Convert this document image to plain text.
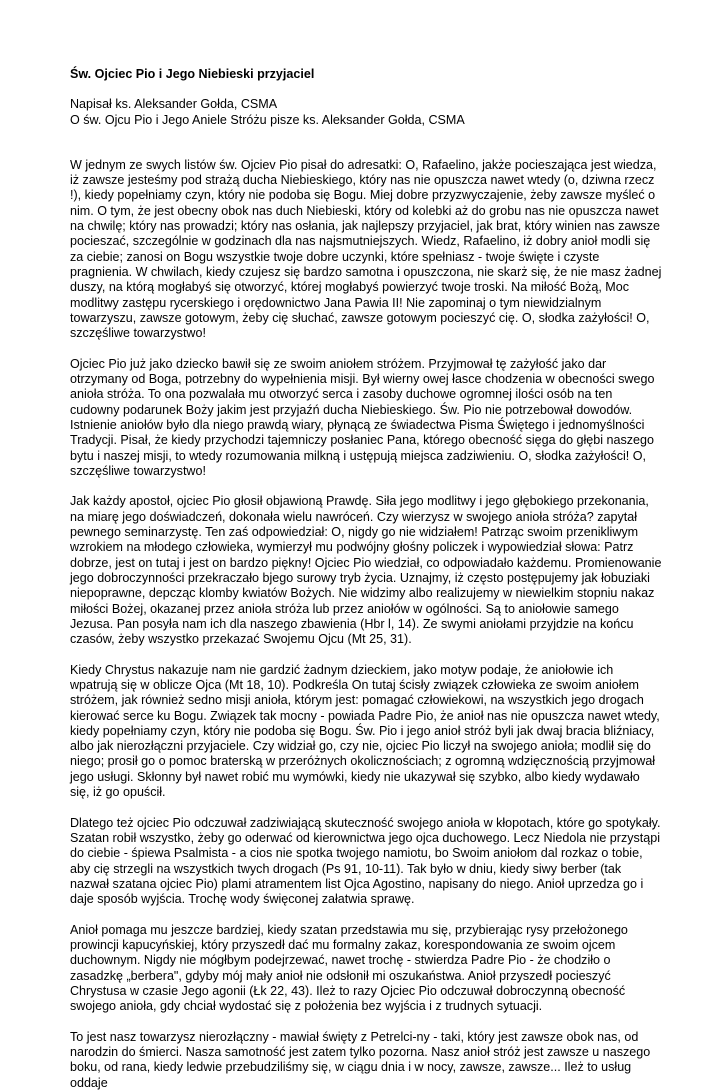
Św. Ojciec Pio i Jego Niebieski przyjaciel

Napisał ks. Aleksander Gołda, CSMA

O św. Ojcu Pio i Jego Aniele Stróżu pisze ks. Aleksander Gołda, CSMA

W jednym ze swych listów św. Ojciev Pio pisał do adresatki: O, Rafaelino, jakże pocieszająca jest wiedza, iż zawsze jesteśmy pod strażą ducha Niebieskiego, który nas nie opuszcza nawet wtedy (o, dziwna rzecz !), kiedy popełniamy czyn, który nie podoba się Bogu. Miej dobre przyzwyczajenie, żeby zawsze myśleć o nim. O tym, że jest obecny obok nas duch Niebieski, który od kolebki aż do grobu nas nie opuszcza nawet na chwilę; który nas prowadzi; który nas osłania, jak najlepszy przyjaciel, jak brat, który winien nas zawsze pocieszać, szczególnie w godzinach dla nas najsmutniejszych. Wiedz, Rafaelino, iż dobry anioł modli się za ciebie; zanosi on Bogu wszystkie twoje dobre uczynki, które spełniasz - twoje święte i czyste pragnienia. W chwilach, kiedy czujesz się bardzo samotna i opuszczona, nie skarż się, że nie masz żadnej duszy, na którą mogłabyś się otworzyć, której mogłabyś powierzyć twoje troski. Na miłość Bożą, Moc modlitwy zastępu rycerskiego i orędownictwo Jana Pawia II! Nie zapominaj o tym niewidzialnym towarzyszu, zawsze gotowym, żeby cię słuchać, zawsze gotowym pocieszyć cię. O, słodka zażyłości! O, szczęśliwe towarzystwo!

Ojciec Pio już jako dziecko bawił się ze swoim aniołem stróżem. Przyjmował tę zażyłość jako dar otrzymany od Boga, potrzebny do wypełnienia misji. Był wierny owej łasce chodzenia w obecności swego anioła stróża. To ona pozwalała mu otworzyć serca i zasoby duchowe ogromnej ilości osób na ten cudowny podarunek Boży jakim jest przyjaźń ducha Niebieskiego. Św. Pio nie potrzebował dowodów. Istnienie aniołów było dla niego prawdą wiary, płynącą ze świadectwa Pisma Świętego i jednomyślności Tradycji. Pisał, że kiedy przychodzi tajemniczy posłaniec Pana, którego obecność sięga do głębi naszego bytu i naszej misji, to wtedy rozumowania milkną i ustępują miejsca zadziwieniu. O, słodka zażyłości! O, szczęśliwe towarzystwo!

Jak każdy apostoł, ojciec Pio głosił objawioną Prawdę. Siła jego modlitwy i jego głębokiego przekonania, na miarę jego doświadczeń, dokonała wielu nawróceń. Czy wierzysz w swojego anioła stróża? zapytał pewnego seminarzystę. Ten zaś odpowiedział: O, nigdy go nie widziałem! Patrząc swoim przenikliwym wzrokiem na młodego człowieka, wymierzył mu podwójny głośny policzek i wypowiedział słowa: Patrz dobrze, jest on tutaj i jest on bardzo piękny! Ojciec Pio wiedział, co odpowiadało każdemu. Promienowanie jego dobroczynności przekraczało bjego surowy tryb życia. Uznajmy, iż często postępujemy jak łobuziaki niepoprawne, depcząc klomby kwiatów Bożych. Nie widzimy albo realizujemy w niewielkim stopniu nakaz miłości Bożej, okazanej przez anioła stróża lub przez aniołów w ogólności. Są to aniołowie samego Jezusa. Pan posyła nam ich dla naszego zbawienia (Hbr l, 14). Ze swymi aniołami przyjdzie na końcu czasów, żeby wszystko przekazać Swojemu Ojcu (Mt 25, 31).

Kiedy Chrystus nakazuje nam nie gardzić żadnym dzieckiem, jako motyw podaje, że aniołowie ich wpatrują się w oblicze Ojca (Mt 18, 10). Podkreśla On tutaj ścisły związek człowieka ze swoim aniołem stróżem, jak również sedno misji anioła, którym jest: pomagać człowiekowi, na wszystkich jego drogach kierować serce ku Bogu. Związek tak mocny - powiada Padre Pio, że anioł nas nie opuszcza nawet wtedy, kiedy popełniamy czyn, który nie podoba się Bogu. Św. Pio i jego anioł stróż byli jak dwaj bracia bliźniacy, albo jak nierozłączni przyjaciele. Czy widział go, czy nie, ojciec Pio liczył na swojego anioła; modlił się do niego; prosił go o pomoc braterską w przeróżnych okolicznościach; z ogromną wdzięcznością przyjmował jego usługi. Skłonny był nawet robić mu wymówki, kiedy nie ukazywał się szybko, albo kiedy wydawało się, iż go opuścił.

Dlatego też ojciec Pio odczuwał zadziwiającą skuteczność swojego anioła w kłopotach, które go spotykały. Szatan robił wszystko, żeby go oderwać od kierownictwa jego ojca duchowego. Lecz Niedola nie przystąpi do ciebie - śpiewa Psalmista - a cios nie spotka twojego namiotu, bo Swoim aniołom dal rozkaz o tobie, aby cię strzegli na wszystkich twych drogach (Ps 91, 10-11). Tak było w dniu, kiedy siwy berber (tak nazwał szatana ojciec Pio) plami atramentem list Ojca Agostino, napisany do niego. Anioł uprzedza go i daje sposób wyjścia. Trochę wody święconej załatwia sprawę.

Anioł pomaga mu jeszcze bardziej, kiedy szatan przedstawia mu się, przybierając rysy przełożonego prowincji kapucyńskiej, który przyszedł dać mu formalny zakaz, korespondowania ze swoim ojcem duchownym. Nigdy nie mógłbym podejrzewać, nawet trochę - stwierdza Padre Pio - że chodziło o zasadzkę „berbera", gdyby mój mały anioł nie odsłonił mi oszukaństwa. Anioł przyszedł pocieszyć Chrystusa w czasie Jego agonii (Łk 22, 43). Ileż to razy Ojciec Pio odczuwał dobroczynną obecność swojego anioła, gdy chciał wydostać się z położenia bez wyjścia i z trudnych sytuacji.

To jest nasz towarzysz nierozłączny - mawiał święty z Petrelci-ny - taki, który jest zawsze obok nas, od narodzin do śmierci. Nasza samotność jest zatem tylko pozorna. Nasz anioł stróż jest zawsze u naszego boku, od rana, kiedy ledwie przebudziliśmy się, w ciągu dnia i w nocy, zawsze, zawsze... Ileż to usług oddaje
